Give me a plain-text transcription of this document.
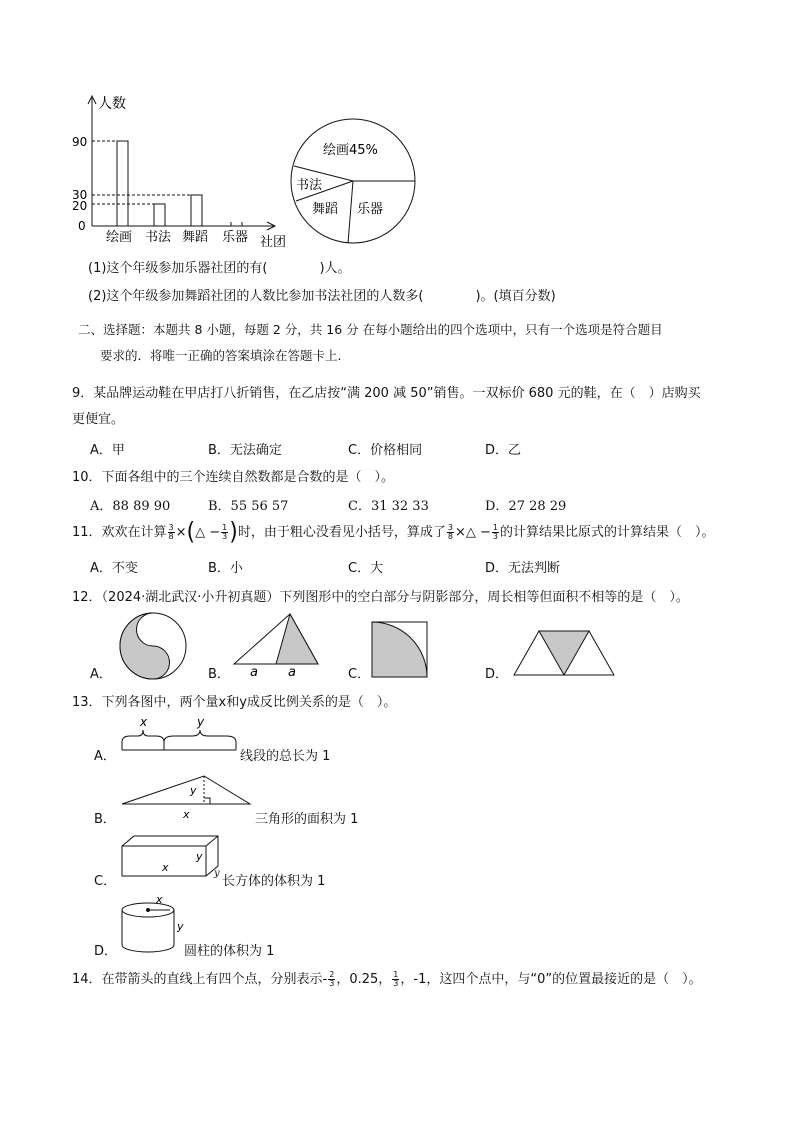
人数
90
30
20
0
绘画 书法 舞蹈 乐器 社团
绘画45%
书法
舞蹈 乐器
(1)这个年级参加乐器社团的有(　　　　)人。
(2)这个年级参加舞蹈社团的人数比参加书法社团的人数多(　　　　)。(填百分数)
二、选择题：本题共 8 小题，每题 2 分，共 16 分 在每小题给出的四个选项中，只有一个选项是符合题目
要求的．将唯一正确的答案填涂在答题卡上.
9．某品牌运动鞋在甲店打八折销售，在乙店按“满 200 减 50”销售。一双标价 680 元的鞋，在（　）店购买
更便宜。
A．甲	B．无法确定	C．价格相同	D．乙
10．下面各组中的三个连续自然数都是合数的是（　）。
A．88 89 90	B．55 56 57	C．31 32 33	D．27 28 29
11．欢欢在计算 $\frac{3}{8}$ ×(△ − $\frac{1}{3}$ )时，由于粗心没看见小括号，算成了 $\frac{3}{8}$ ×△ − $\frac{1}{3}$ 的计算结果比原式的计算结果（　）。
A．不变	B．小	C．大	D．无法判断
12．（2024·湖北武汉·小升初真题）下列图形中的空白部分与阴影部分，周长相等但面积不相等的是（　）。
A．	B． a a	C．	D．
13．下列各图中，两个量x和y成反比例关系的是（　）。
A．
x	y
线段的总长为 1
B．
y
x	三角形的面积为 1
C．
x
y
y
长方体的体积为 1
D．
x
y
圆柱的体积为 1
14．在带箭头的直线上有四个点，分别表示- $\frac{2}{3}$ ，0.25， $\frac{1}{3}$ ，-1，这四个点中，与“0”的位置最接近的是（　）。
